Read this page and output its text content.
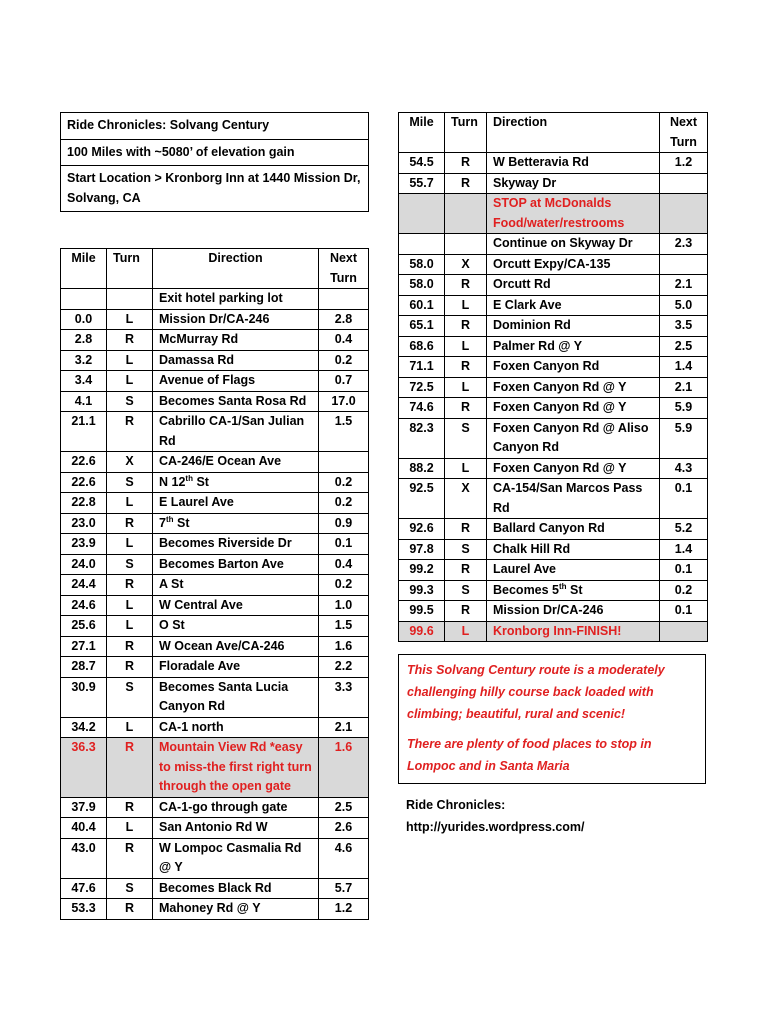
Ride Chronicles: Solvang Century
100 Miles with ~5080’ of elevation gain
Start Location > Kronborg Inn at 1440 Mission Dr, Solvang, CA
Mile	Turn	Direction	Next Turn
		Exit hotel parking lot	
0.0	L	Mission Dr/CA-246	2.8
2.8	R	McMurray Rd	0.4
3.2	L	Damassa Rd	0.2
3.4	L	Avenue of Flags	0.7
4.1	S	Becomes Santa Rosa Rd	17.0
21.1	R	Cabrillo CA-1/San Julian Rd	1.5
22.6	X	CA-246/E Ocean Ave	
22.6	S	N 12th St	0.2
22.8	L	E Laurel Ave	0.2
23.0	R	7th St	0.9
23.9	L	Becomes Riverside Dr	0.1
24.0	S	Becomes Barton Ave	0.4
24.4	R	A St	0.2
24.6	L	W Central Ave	1.0
25.6	L	O St	1.5
27.1	R	W Ocean Ave/CA-246	1.6
28.7	R	Floradale Ave	2.2
30.9	S	Becomes Santa Lucia Canyon Rd	3.3
34.2	L	CA-1 north	2.1
36.3	R	Mountain View Rd *easy to miss-the first right turn through the open gate	1.6
37.9	R	CA-1-go through gate	2.5
40.4	L	San Antonio Rd W	2.6
43.0	R	W Lompoc Casmalia Rd @ Y	4.6
47.6	S	Becomes Black Rd	5.7
53.3	R	Mahoney Rd @ Y	1.2
Mile	Turn	Direction	Next Turn
54.5	R	W Betteravia Rd	1.2
55.7	R	Skyway Dr	
		STOP at McDonalds Food/water/restrooms	
		Continue on Skyway Dr	2.3
58.0	X	Orcutt Expy/CA-135	
58.0	R	Orcutt Rd	2.1
60.1	L	E Clark Ave	5.0
65.1	R	Dominion Rd	3.5
68.6	L	Palmer Rd @ Y	2.5
71.1	R	Foxen Canyon Rd	1.4
72.5	L	Foxen Canyon Rd @ Y	2.1
74.6	R	Foxen Canyon Rd @ Y	5.9
82.3	S	Foxen Canyon Rd @ Aliso Canyon Rd	5.9
88.2	L	Foxen Canyon Rd @ Y	4.3
92.5	X	CA-154/San Marcos Pass Rd	0.1
92.6	R	Ballard Canyon Rd	5.2
97.8	S	Chalk Hill Rd	1.4
99.2	R	Laurel Ave	0.1
99.3	S	Becomes 5th St	0.2
99.5	R	Mission Dr/CA-246	0.1
99.6	L	Kronborg Inn-FINISH!	

This Solvang Century route is a moderately challenging hilly course back loaded with climbing; beautiful, rural and scenic!

There are plenty of food places to stop in Lompoc and in Santa Maria

Ride Chronicles:
http://yurides.wordpress.com/
